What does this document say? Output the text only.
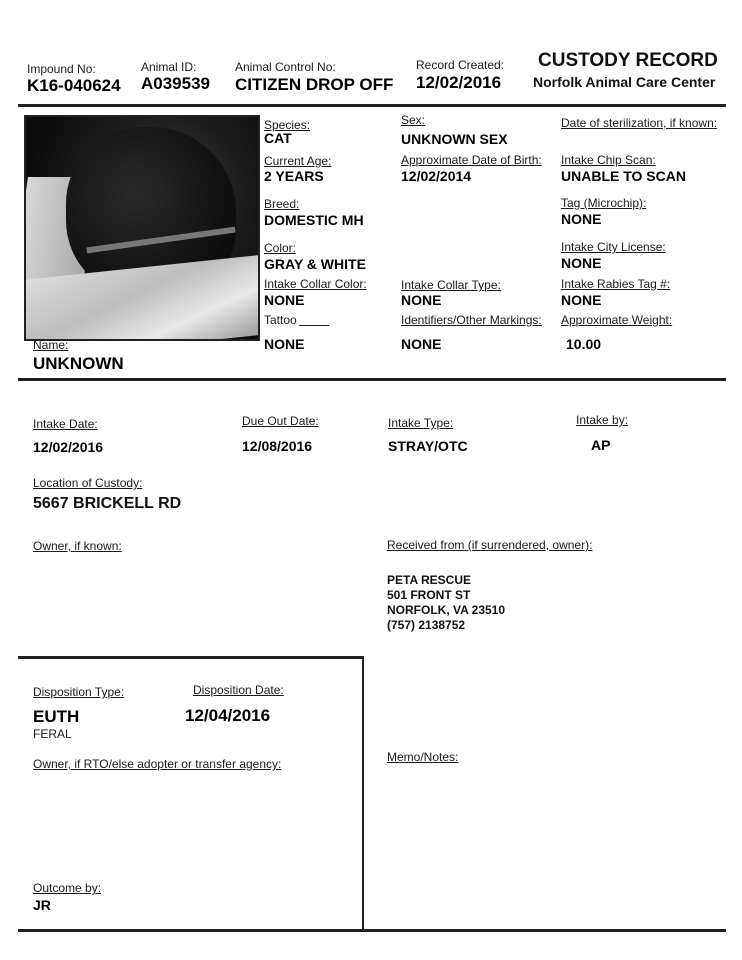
Impound No:
K16-040624
Animal ID:
A039539
Animal Control No:
CITIZEN DROP OFF
Record Created:
12/02/2016
CUSTODY RECORD
Norfolk Animal Care Center
Species:
CAT
Current Age:
2 YEARS
Breed:
DOMESTIC MH
Color:
GRAY & WHITE
Intake Collar Color:
NONE
Tattoo
NONE
Sex:
UNKNOWN SEX
Approximate Date of Birth:
12/02/2014
Intake Collar Type:
NONE
Identifiers/Other Markings:
NONE
Date of sterilization, if known:
Intake Chip Scan:
UNABLE TO SCAN
Tag (Microchip):
NONE
Intake City License:
NONE
Intake Rabies Tag #:
NONE
Approximate Weight:
10.00
Name:
UNKNOWN
Intake Date:
12/02/2016
Due Out Date:
12/08/2016
Intake Type:
STRAY/OTC
Intake by:
AP
Location of Custody:
5667 BRICKELL RD
Owner, if known:	Received from (if surrendered, owner):
PETA RESCUE
501 FRONT ST
NORFOLK, VA 23510
(757) 2138752
Disposition Type:
EUTH
FERAL
Disposition Date:
12/04/2016
Owner, if RTO/else adopter or transfer agency:
Outcome by:
JR
Memo/Notes:
